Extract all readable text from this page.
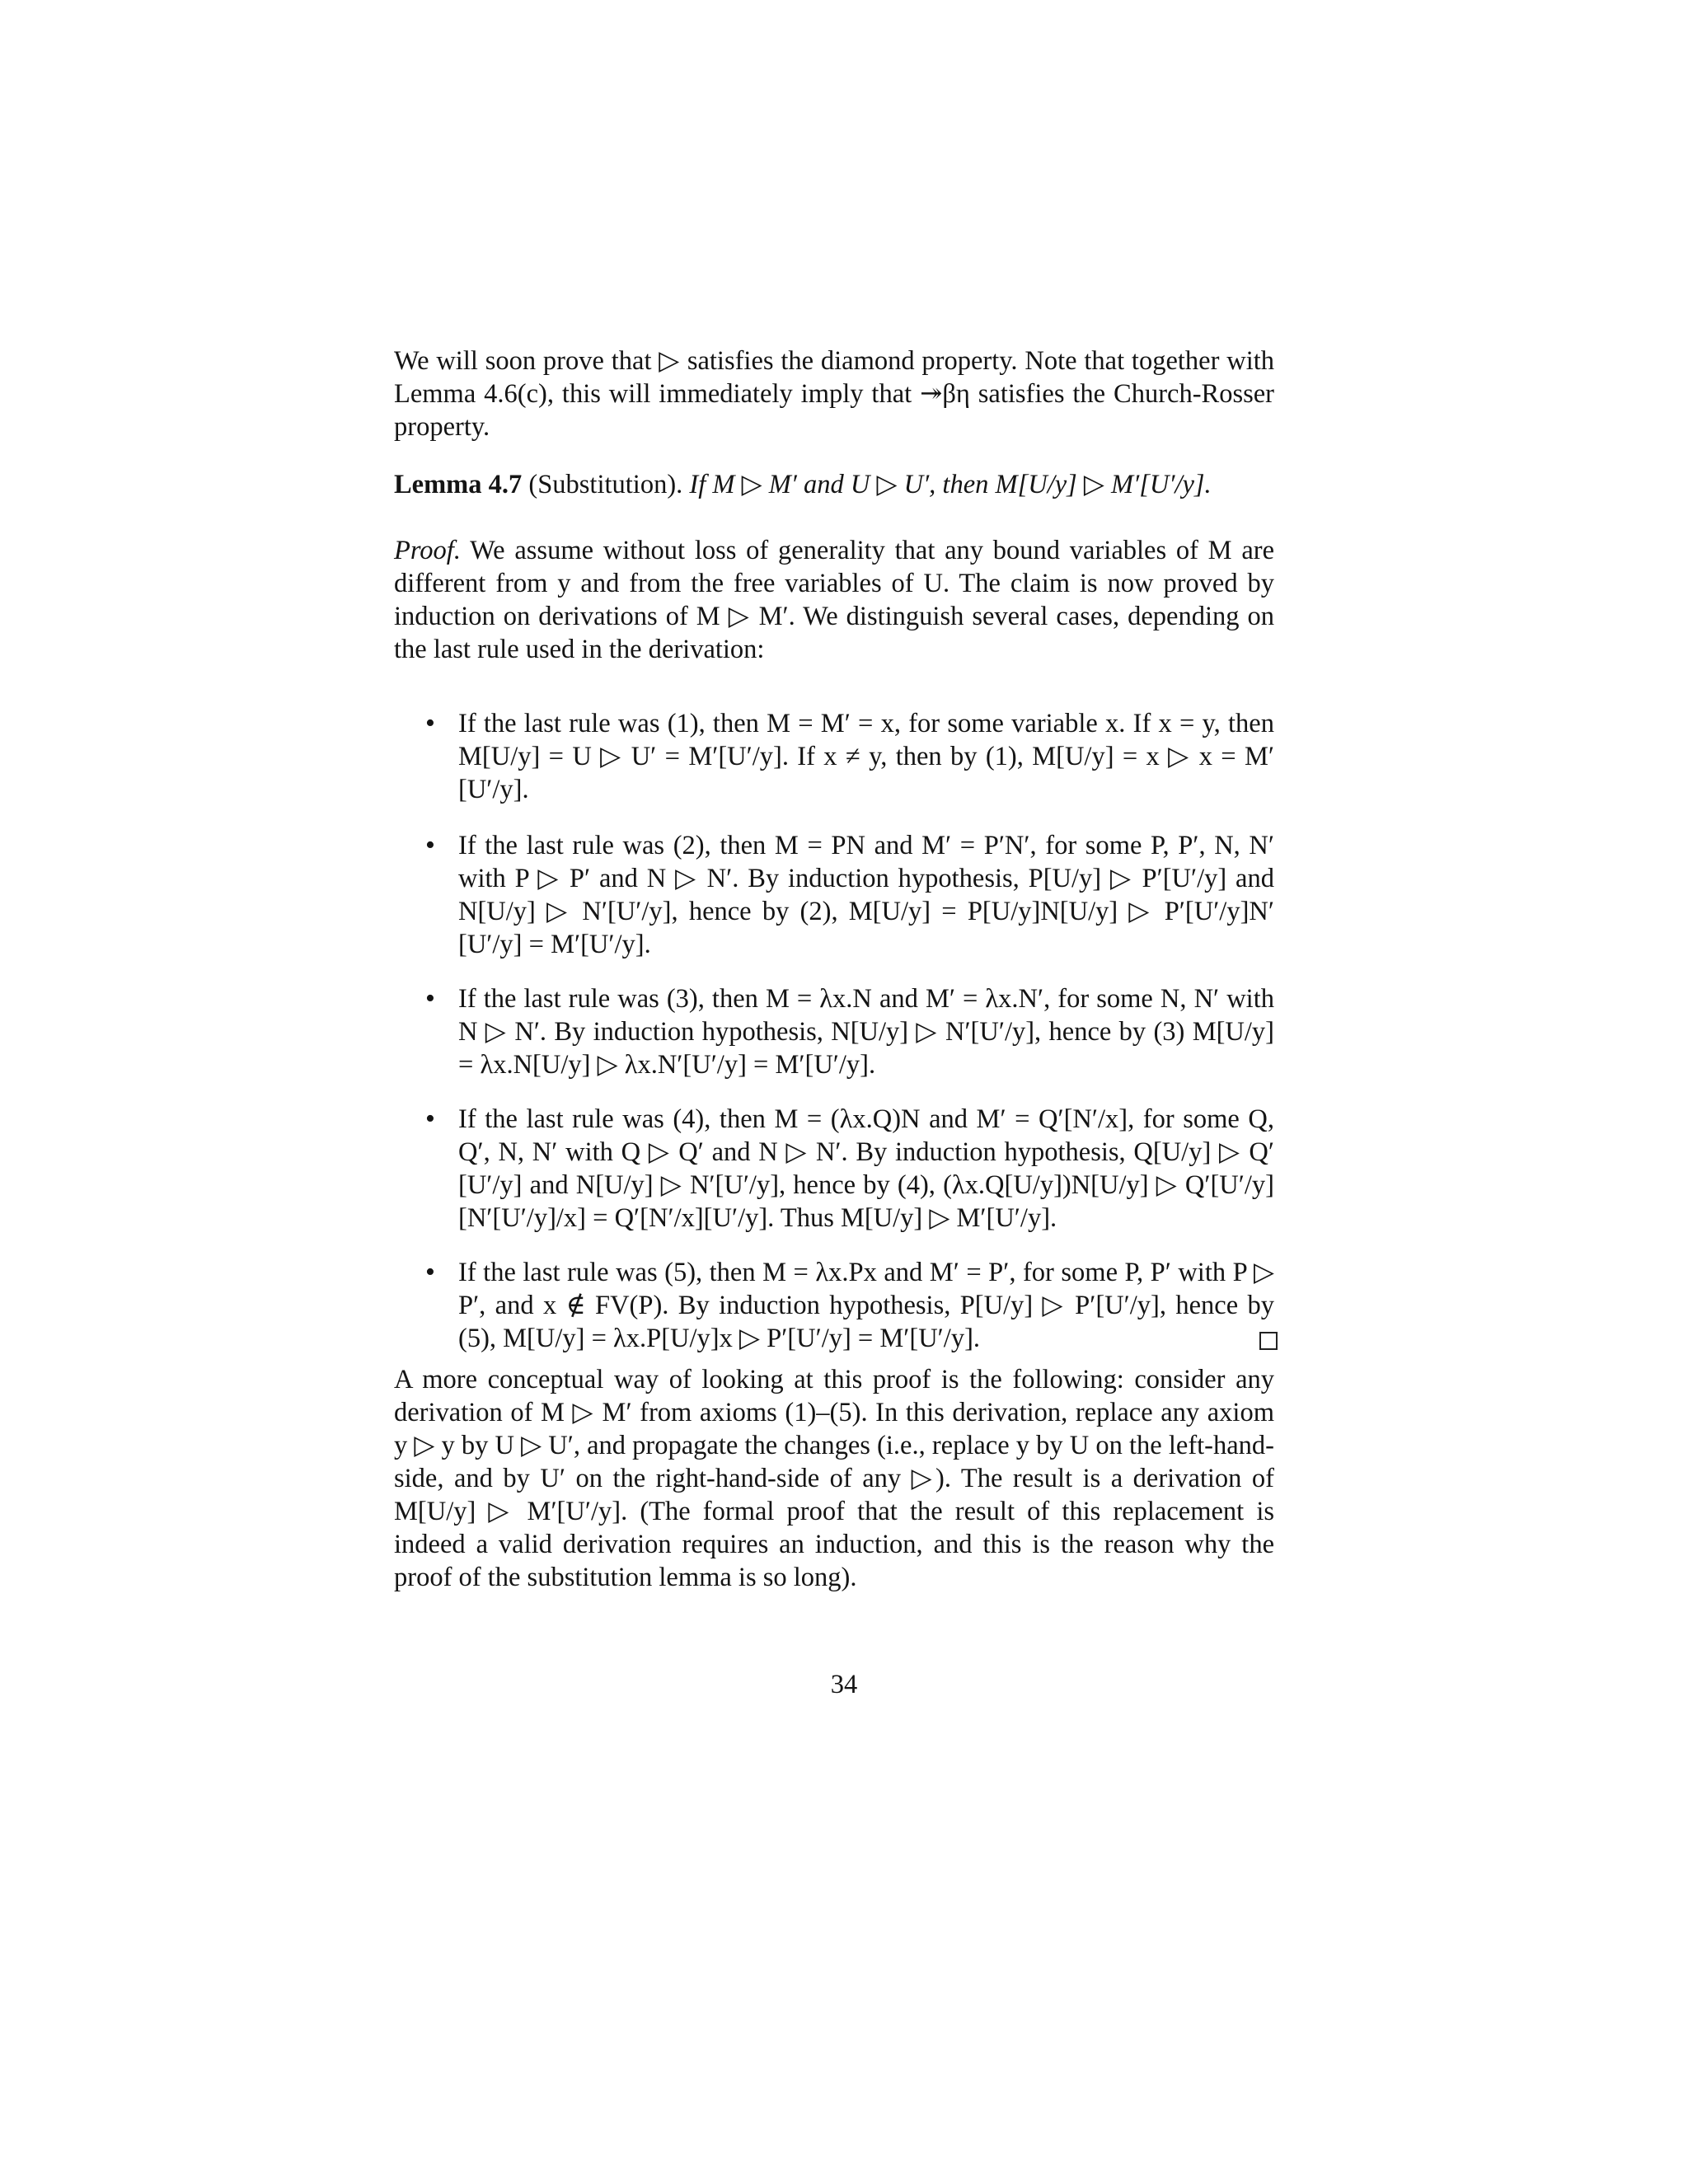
We will soon prove that ▷ satisfies the diamond property. Note that together with Lemma 4.6(c), this will immediately imply that ↠βη satisfies the Church-Rosser property.

Lemma 4.7 (Substitution). If M ▷ M′ and U ▷ U′, then M[U/y] ▷ M′[U′/y].

Proof. We assume without loss of generality that any bound variables of M are different from y and from the free variables of U. The claim is now proved by induction on derivations of M ▷ M′. We distinguish several cases, depending on the last rule used in the derivation:

• If the last rule was (1), then M = M′ = x, for some variable x. If x = y, then M[U/y] = U ▷ U′ = M′[U′/y]. If x ≠ y, then by (1), M[U/y] = x ▷ x = M′[U′/y].
• If the last rule was (2), then M = PN and M′ = P′N′, for some P, P′, N, N′ with P ▷ P′ and N ▷ N′. By induction hypothesis, P[U/y] ▷ P′[U′/y] and N[U/y] ▷ N′[U′/y], hence by (2), M[U/y] = P[U/y]N[U/y] ▷ P′[U′/y]N′[U′/y] = M′[U′/y].
• If the last rule was (3), then M = λx.N and M′ = λx.N′, for some N, N′ with N ▷ N′. By induction hypothesis, N[U/y] ▷ N′[U′/y], hence by (3) M[U/y] = λx.N[U/y] ▷ λx.N′[U′/y] = M′[U′/y].
• If the last rule was (4), then M = (λx.Q)N and M′ = Q′[N′/x], for some Q, Q′, N, N′ with Q ▷ Q′ and N ▷ N′. By induction hypothesis, Q[U/y] ▷ Q′[U′/y] and N[U/y] ▷ N′[U′/y], hence by (4), (λx.Q[U/y])N[U/y] ▷ Q′[U′/y][N′[U′/y]/x] = Q′[N′/x][U′/y]. Thus M[U/y] ▷ M′[U′/y].
• If the last rule was (5), then M = λx.Px and M′ = P′, for some P, P′ with P ▷ P′, and x ∉ FV(P). By induction hypothesis, P[U/y] ▷ P′[U′/y], hence by (5), M[U/y] = λx.P[U/y]x ▷ P′[U′/y] = M′[U′/y].

A more conceptual way of looking at this proof is the following: consider any derivation of M ▷ M′ from axioms (1)–(5). In this derivation, replace any axiom y ▷ y by U ▷ U′, and propagate the changes (i.e., replace y by U on the left-hand-side, and by U′ on the right-hand-side of any ▷). The result is a derivation of M[U/y] ▷ M′[U′/y]. (The formal proof that the result of this replacement is indeed a valid derivation requires an induction, and this is the reason why the proof of the substitution lemma is so long).

34
